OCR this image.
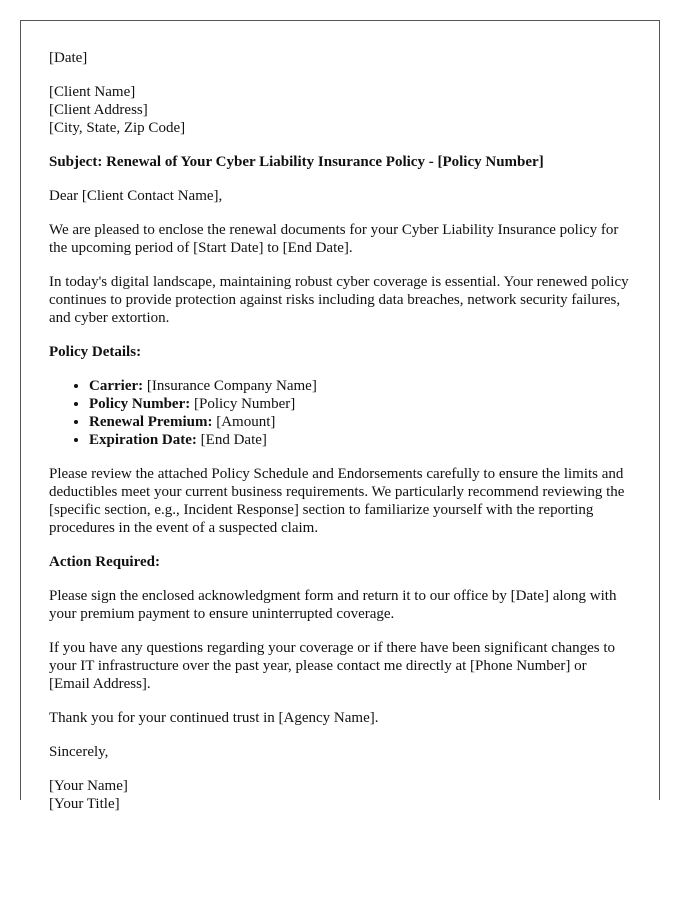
[Date]

[Client Name]
[Client Address]
[City, State, Zip Code]

Subject: Renewal of Your Cyber Liability Insurance Policy - [Policy Number]

Dear [Client Contact Name],

We are pleased to enclose the renewal documents for your Cyber Liability Insurance policy for the upcoming period of [Start Date] to [End Date].

In today's digital landscape, maintaining robust cyber coverage is essential. Your renewed policy continues to provide protection against risks including data breaches, network security failures, and cyber extortion.

Policy Details:

• Carrier: [Insurance Company Name]
• Policy Number: [Policy Number]
• Renewal Premium: [Amount]
• Expiration Date: [End Date]

Please review the attached Policy Schedule and Endorsements carefully to ensure the limits and deductibles meet your current business requirements. We particularly recommend reviewing the [specific section, e.g., Incident Response] section to familiarize yourself with the reporting procedures in the event of a suspected claim.

Action Required:

Please sign the enclosed acknowledgment form and return it to our office by [Date] along with your premium payment to ensure uninterrupted coverage.

If you have any questions regarding your coverage or if there have been significant changes to your IT infrastructure over the past year, please contact me directly at [Phone Number] or [Email Address].

Thank you for your continued trust in [Agency Name].

Sincerely,

[Your Name]
[Your Title]
